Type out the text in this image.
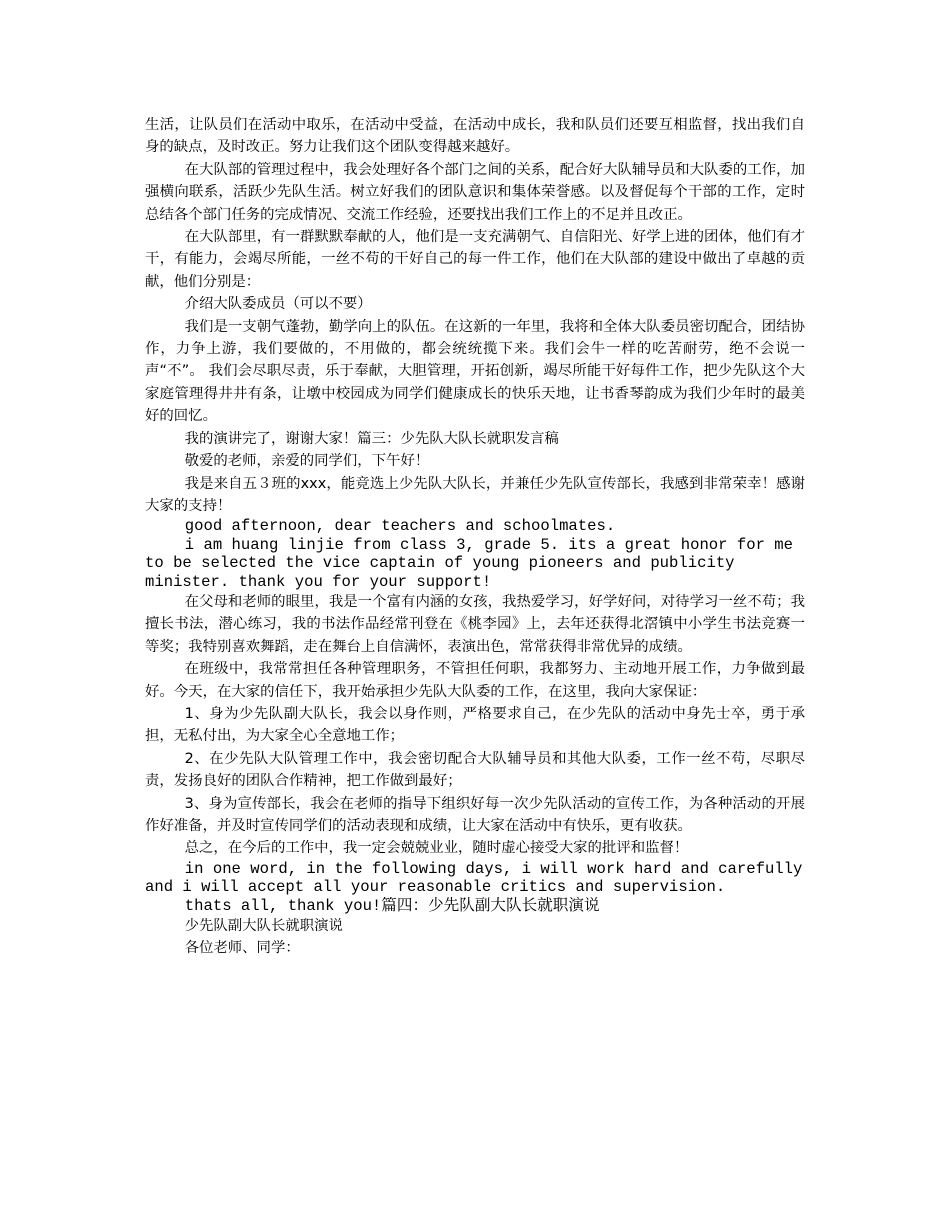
生活，让队员们在活动中取乐，在活动中受益，在活动中成长，我和队员们还要互相监督，找出我们自身的缺点，及时改正。努力让我们这个团队变得越来越好。

在大队部的管理过程中，我会处理好各个部门之间的关系，配合好大队辅导员和大队委的工作，加强横向联系，活跃少先队生活。树立好我们的团队意识和集体荣誉感。以及督促每个干部的工作，定时总结各个部门任务的完成情况、交流工作经验，还要找出我们工作上的不足并且改正。

在大队部里，有一群默默奉献的人，他们是一支充满朝气、自信阳光、好学上进的团体，他们有才干，有能力，会竭尽所能，一丝不苟的干好自己的每一件工作，他们在大队部的建设中做出了卓越的贡献，他们分别是：

介绍大队委成员（可以不要）

我们是一支朝气蓬勃，勤学向上的队伍。在这新的一年里，我将和全体大队委员密切配合，团结协作，力争上游，我们要做的，不用做的，都会统统揽下来。我们会牛一样的吃苦耐劳，绝不会说一声“不”。 我们会尽职尽责，乐于奉献，大胆管理，开拓创新，竭尽所能干好每件工作，把少先队这个大家庭管理得井井有条，让墩中校园成为同学们健康成长的快乐天地，让书香琴韵成为我们少年时的最美好的回忆。

我的演讲完了，谢谢大家！篇三：少先队大队长就职发言稿

敬爱的老师，亲爱的同学们，下午好！

我是来自五３班的xxx，能竞选上少先队大队长，并兼任少先队宣传部长，我感到非常荣幸！感谢大家的支持！

good afternoon, dear teachers and schoolmates.

i am huang linjie from class 3, grade 5. its a great honor for me to be selected the vice captain of young pioneers and publicity minister. thank you for your support!

在父母和老师的眼里，我是一个富有内涵的女孩，我热爱学习，好学好问，对待学习一丝不苟；我擅长书法，潜心练习，我的书法作品经常刊登在《桃李园》上，去年还获得北滘镇中小学生书法竞赛一等奖；我特别喜欢舞蹈，走在舞台上自信满怀，表演出色，常常获得非常优异的成绩。

在班级中，我常常担任各种管理职务，不管担任何职，我都努力、主动地开展工作，力争做到最好。今天，在大家的信任下，我开始承担少先队大队委的工作，在这里，我向大家保证：

1、身为少先队副大队长，我会以身作则，严格要求自己，在少先队的活动中身先士卒，勇于承担，无私付出，为大家全心全意地工作；

2、在少先队大队管理工作中，我会密切配合大队辅导员和其他大队委，工作一丝不苟，尽职尽责，发扬良好的团队合作精神，把工作做到最好；

3、身为宣传部长，我会在老师的指导下组织好每一次少先队活动的宣传工作，为各种活动的开展作好准备，并及时宣传同学们的活动表现和成绩，让大家在活动中有快乐，更有收获。

总之，在今后的工作中，我一定会兢兢业业，随时虚心接受大家的批评和监督！

in one word, in the following days, i will work hard and carefully and i will accept all your reasonable critics and supervision.

thats all, thank you!篇四：少先队副大队长就职演说

少先队副大队长就职演说

各位老师、同学：
